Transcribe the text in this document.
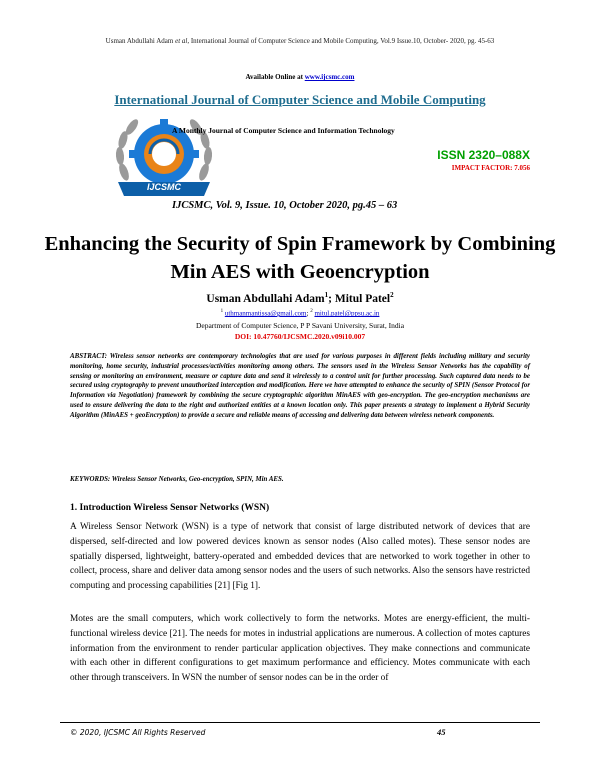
Usman Abdullahi Adam et al, International Journal of Computer Science and Mobile Computing, Vol.9 Issue.10, October- 2020, pg. 45-63
Available Online at www.ijcsmc.com
International Journal of Computer Science and Mobile Computing
IJCSMC
A Monthly Journal of Computer Science and Information Technology
ISSN 2320–088X
IMPACT FACTOR: 7.056
IJCSMC, Vol. 9, Issue. 10, October 2020, pg.45 – 63
Enhancing the Security of Spin Framework by Combining Min AES with Geoencryption
Usman Abdullahi Adam$^1$; Mitul Patel$^2$
$^1$ uthmanmantissa@gmail.com; $^2$ mitul.patel@ppsu.ac.in
Department of Computer Science, P P Savani University, Surat, India
DOI: 10.47760/IJCSMC.2020.v09i10.007
ABSTRACT: Wireless sensor networks are contemporary technologies that are used for various purposes in different fields including military and security monitoring, home security, industrial processes/activities monitoring among others. The sensors used in the Wireless Sensor Networks has the capability of sensing or monitoring an environment, measure or capture data and send it wirelessly to a control unit for further processing. Such captured data needs to be secured using cryptography to prevent unauthorized interception and modification. Here we have attempted to enhance the security of SPIN (Sensor Protocol for Information via Negotiation) framework by combining the secure cryptographic algorithm MinAES with geo-encryption. The geo-encryption mechanisms are used to ensure delivering the data to the right and authorized entities at a known location only. This paper presents a strategy to implement a Hybrid Security Algorithm (MinAES + geoEncryption) to provide a secure and reliable means of accessing and delivering data between wireless network components.
KEYWORDS: Wireless Sensor Networks, Geo-encryption, SPIN, Min AES.
1. Introduction Wireless Sensor Networks (WSN)
A Wireless Sensor Network (WSN) is a type of network that consist of large distributed network of devices that are dispersed, self-directed and low powered devices known as sensor nodes (Also called motes). These sensor nodes are spatially dispersed, lightweight, battery-operated and embedded devices that are networked to work together in other to collect, process, share and deliver data among sensor nodes and the users of such networks. Also the sensors have restricted computing and processing capabilities [21] [Fig 1].
Motes are the small computers, which work collectively to form the networks. Motes are energy-efficient, the multi-functional wireless device [21]. The needs for motes in industrial applications are numerous. A collection of motes captures information from the environment to render particular application objectives. They make connections and communicate with each other in different configurations to get maximum performance and efficiency. Motes communicate with each other through transceivers. In WSN the number of sensor nodes can be in the order of
© 2020, IJCSMC All Rights Reserved	45
